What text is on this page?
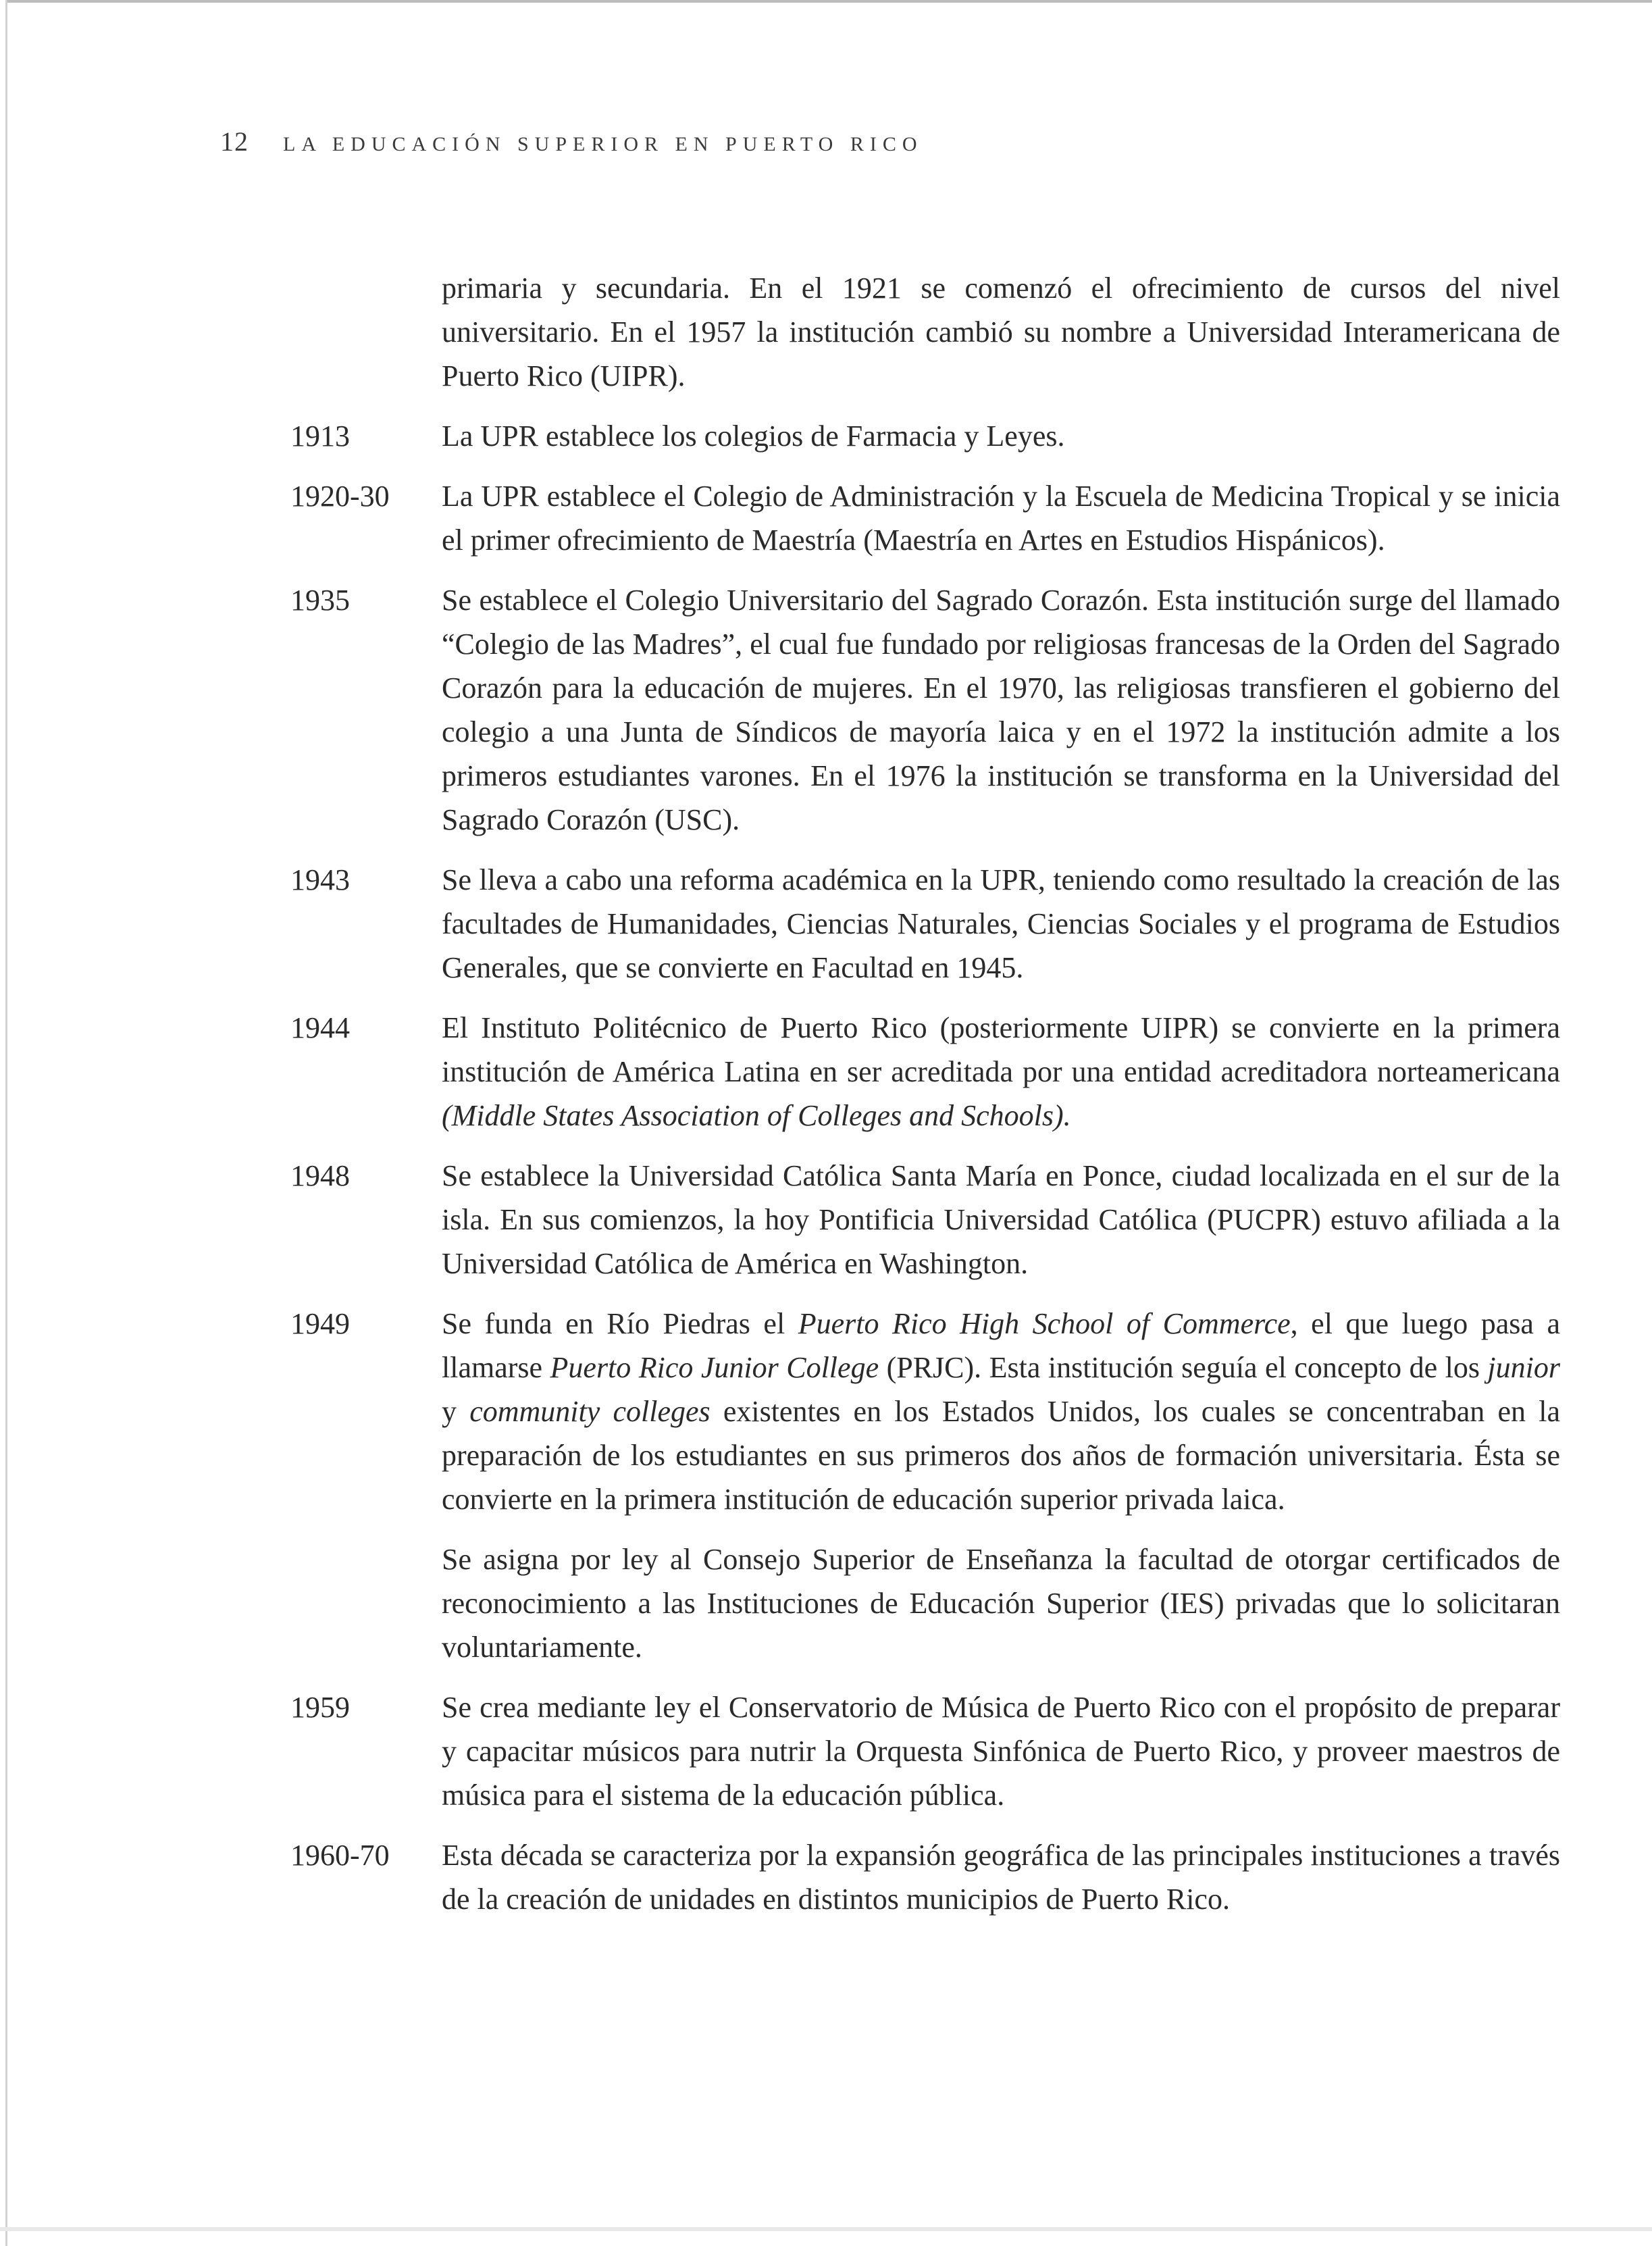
12 LA EDUCACIÓN SUPERIOR EN PUERTO RICO

primaria y secundaria. En el 1921 se comenzó el ofrecimiento de cursos del nivel universitario. En el 1957 la institución cambió su nombre a Universidad Interamericana de Puerto Rico (UIPR).

1913	La UPR establece los colegios de Farmacia y Leyes.

1920-30	La UPR establece el Colegio de Administración y la Escuela de Medicina Tropical y se inicia el primer ofrecimiento de Maestría (Maestría en Artes en Estudios Hispánicos).

1935	Se establece el Colegio Universitario del Sagrado Corazón. Esta institución surge del llamado “Colegio de las Madres”, el cual fue fundado por religiosas francesas de la Orden del Sagrado Corazón para la educación de mujeres. En el 1970, las religiosas transfieren el gobierno del colegio a una Junta de Síndicos de mayoría laica y en el 1972 la institución admite a los primeros estudiantes varones. En el 1976 la institución se transforma en la Universidad del Sagrado Corazón (USC).

1943	Se lleva a cabo una reforma académica en la UPR, teniendo como resultado la creación de las facultades de Humanidades, Ciencias Naturales, Ciencias Sociales y el programa de Estudios Generales, que se convierte en Facultad en 1945.

1944	El Instituto Politécnico de Puerto Rico (posteriormente UIPR) se convierte en la primera institución de América Latina en ser acreditada por una entidad acreditadora norteamericana (Middle States Association of Colleges and Schools).

1948	Se establece la Universidad Católica Santa María en Ponce, ciudad localizada en el sur de la isla. En sus comienzos, la hoy Pontificia Universidad Católica (PUCPR) estuvo afiliada a la Universidad Católica de América en Washington.

1949	Se funda en Río Piedras el Puerto Rico High School of Commerce, el que luego pasa a llamarse Puerto Rico Junior College (PRJC). Esta institución seguía el concepto de los junior y community colleges existentes en los Estados Unidos, los cuales se concentraban en la preparación de los estudiantes en sus primeros dos años de formación universitaria. Ésta se convierte en la primera institución de educación superior privada laica.

Se asigna por ley al Consejo Superior de Enseñanza la facultad de otorgar certificados de reconocimiento a las Instituciones de Educación Superior (IES) privadas que lo solicitaran voluntariamente.

1959	Se crea mediante ley el Conservatorio de Música de Puerto Rico con el propósito de preparar y capacitar músicos para nutrir la Orquesta Sinfónica de Puerto Rico, y proveer maestros de música para el sistema de la educación pública.

1960-70	Esta década se caracteriza por la expansión geográfica de las principales instituciones a través de la creación de unidades en distintos municipios de Puerto Rico.
